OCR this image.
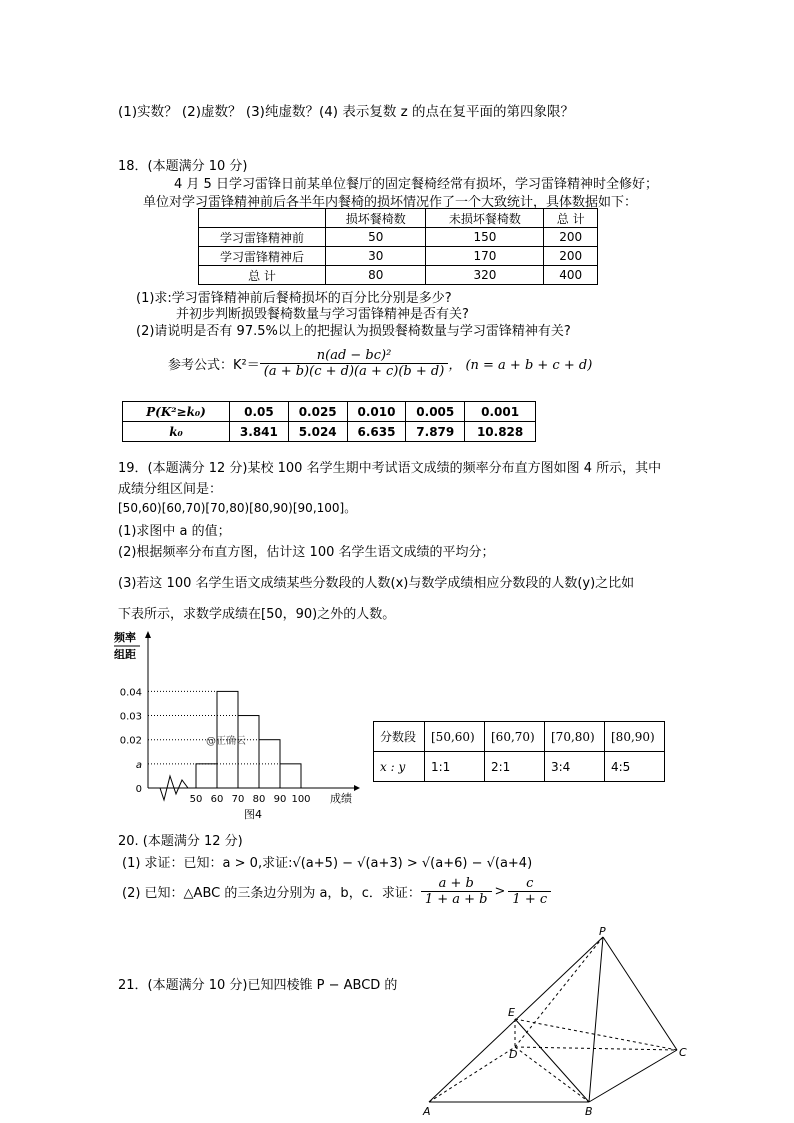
(1)实数？ (2)虚数？ (3)纯虚数？(4) 表示复数 z 的点在复平面的第四象限？
18．(本题满分 10 分)
4 月 5 日学习雷锋日前某单位餐厅的固定餐椅经常有损坏，学习雷锋精神时全修好；
单位对学习雷锋精神前后各半年内餐椅的损坏情况作了一个大致统计，具体数据如下：
	损坏餐椅数	未损坏餐椅数	总 计
学习雷锋精神前	50	150	200
学习雷锋精神后	30	170	200
总 计	80	320	400
(1)求:学习雷锋精神前后餐椅损坏的百分比分别是多少?
并初步判断损毁餐椅数量与学习雷锋精神是否有关?
(2)请说明是否有 97.5%以上的把握认为损毁餐椅数量与学习雷锋精神有关?
参考公式：$K^2= \frac{\text{n(ad − bc)²}}{(a + b)(c + d)(a + c)(b + d)}$ ， (n = a + b + c + d)
P(K²≥k₀)	0.05	0.025	0.010	0.005	0.001
k₀	3.841	5.024	6.635	7.879	10.828
19．(本题满分 12 分)某校 100 名学生期中考试语文成绩的频率分布直方图如图 4 所示，其中
成绩分组区间是：
[50,60)[60,70)[70,80)[80,90)[90,100]。
(1)求图中 a 的值；
(2)根据频率分布直方图，估计这 100 名学生语文成绩的平均分；
(3)若这 100 名学生语文成绩某些分数段的人数(x)与数学成绩相应分数段的人数(y)之比如
下表所示，求数学成绩在[50，90)之外的人数。
频率
组距
0.04
0.03
0.02
a
0
50 60 70 80 90 100
@正确云
成绩
图4
分数段	[50,60)	[60,70)	[70,80)	[80,90)
x : y	1:1	2:1	3:4	4:5
20. (本题满分 12 分)
(1) 求证：已知：a > 0,求证:√(a+5) − √(a+3) > √(a+6) − √(a+4)
(2) 已知：△ABC 的三条边分别为 a，b，c．求证： $\frac{a + b}{1 + a + b} > \frac{c}{1 + c}$
21．(本题满分 10 分)已知四棱锥 P − ABCD 的
P
E
D	C
A	B
